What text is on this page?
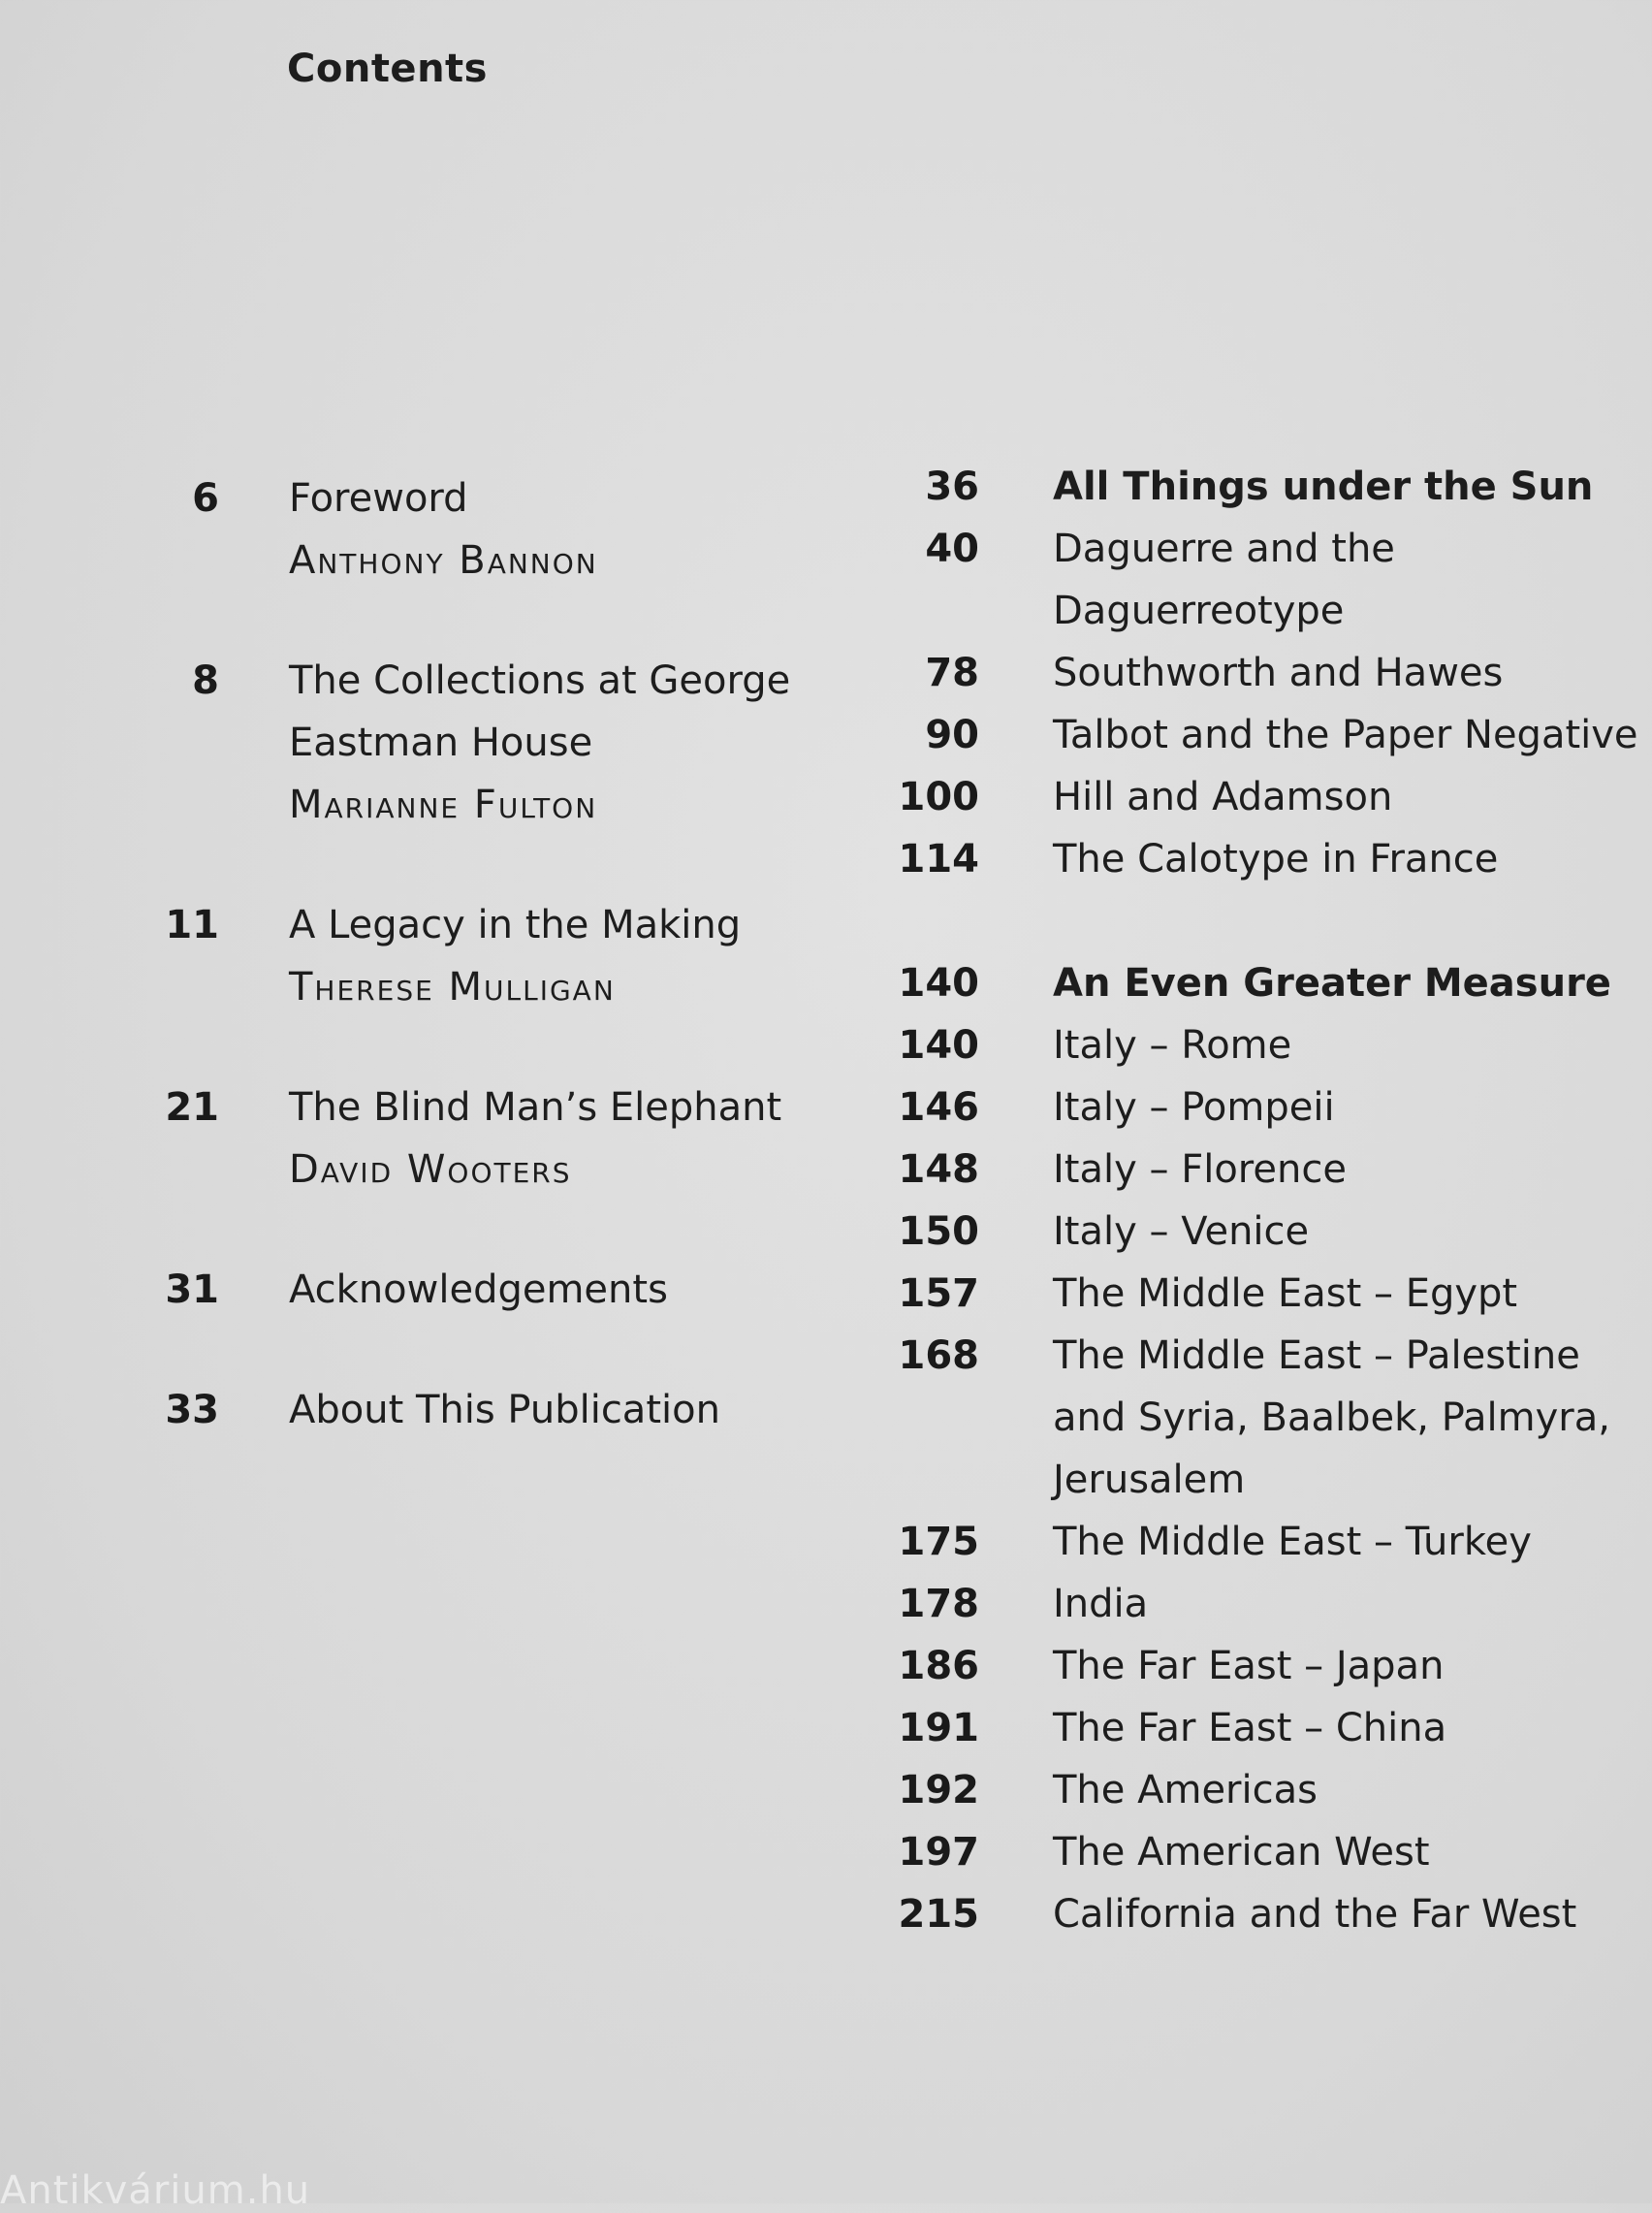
Contents
6 Foreword
Anthony Bannon
8 The Collections at George
Eastman House
Marianne Fulton
11 A Legacy in the Making
Therese Mulligan
21 The Blind Man’s Elephant
David Wooters
31 Acknowledgements
33 About This Publication
36 All Things under the Sun
40 Daguerre and the
Daguerreotype
78 Southworth and Hawes
90 Talbot and the Paper Negative
100 Hill and Adamson
114 The Calotype in France
140 An Even Greater Measure
140 Italy – Rome
146 Italy – Pompeii
148 Italy – Florence
150 Italy – Venice
157 The Middle East – Egypt
168 The Middle East – Palestine
and Syria, Baalbek, Palmyra,
Jerusalem
175 The Middle East – Turkey
178 India
186 The Far East – Japan
191 The Far East – China
192 The Americas
197 The American West
215 California and the Far West
Antikvárium.hu
